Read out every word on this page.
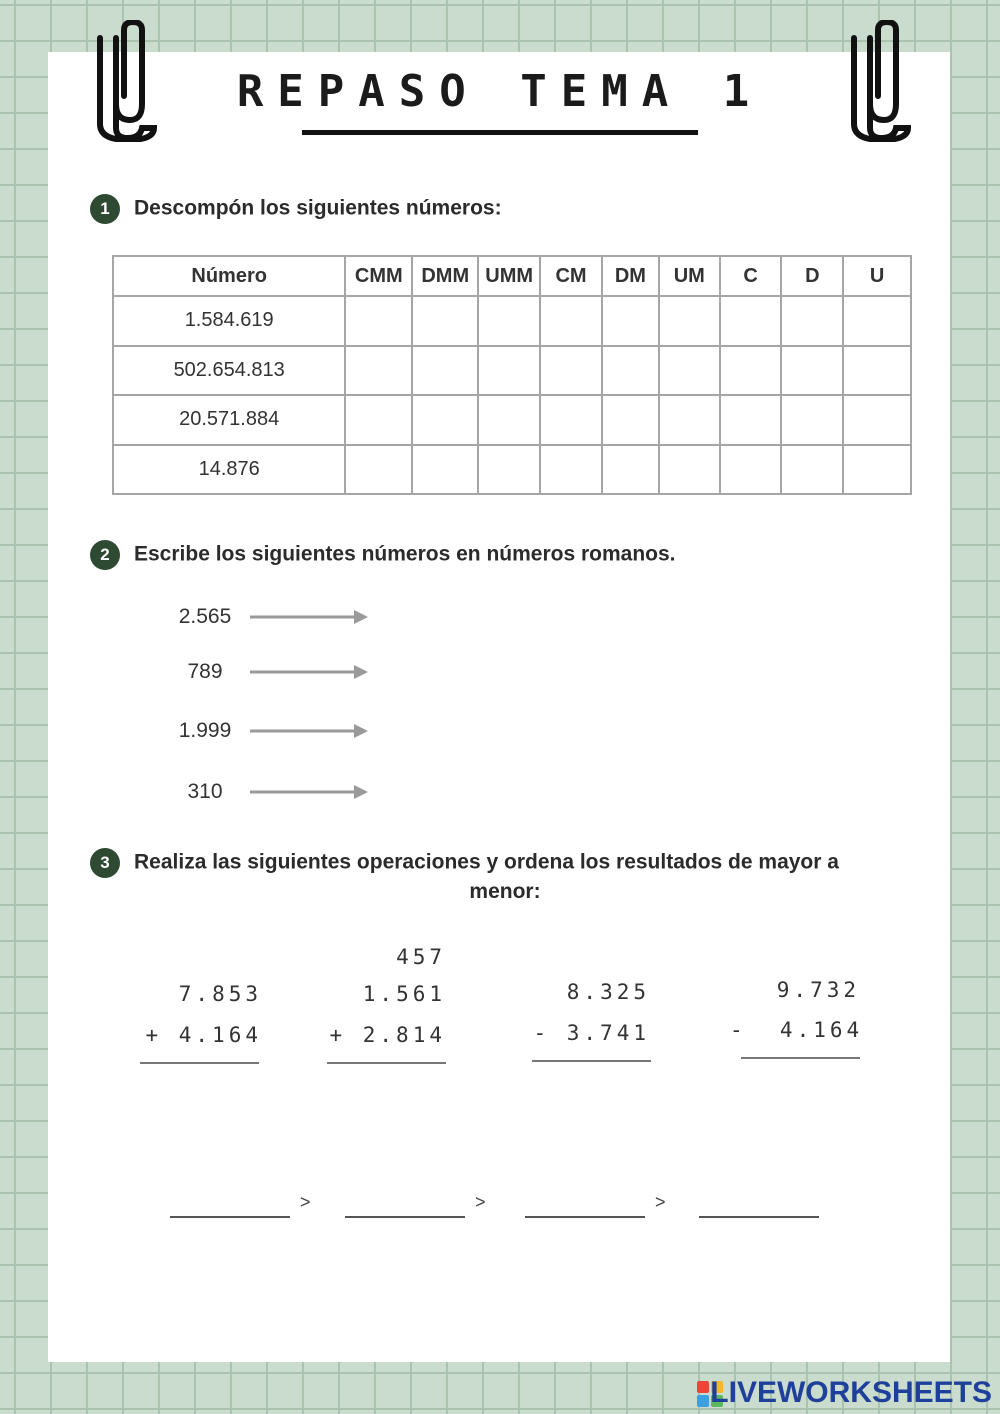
REPASO TEMA 1
1 Descompón los siguientes números:
Número	CMM	DMM	UMM	CM	DM	UM	C	D	U
1.584.619									
502.654.813									
20.571.884									
14.876									
2 Escribe los siguientes números en números romanos.
2.565
789
1.999
310
3 Realiza las siguientes operaciones y ordena los resultados de mayor a
menor:
7.853
+ 4.164
457
1.561
+ 2.814
8.325
- 3.741
9.732
-  4.164
>	>	>
LIVEWORKSHEETS
